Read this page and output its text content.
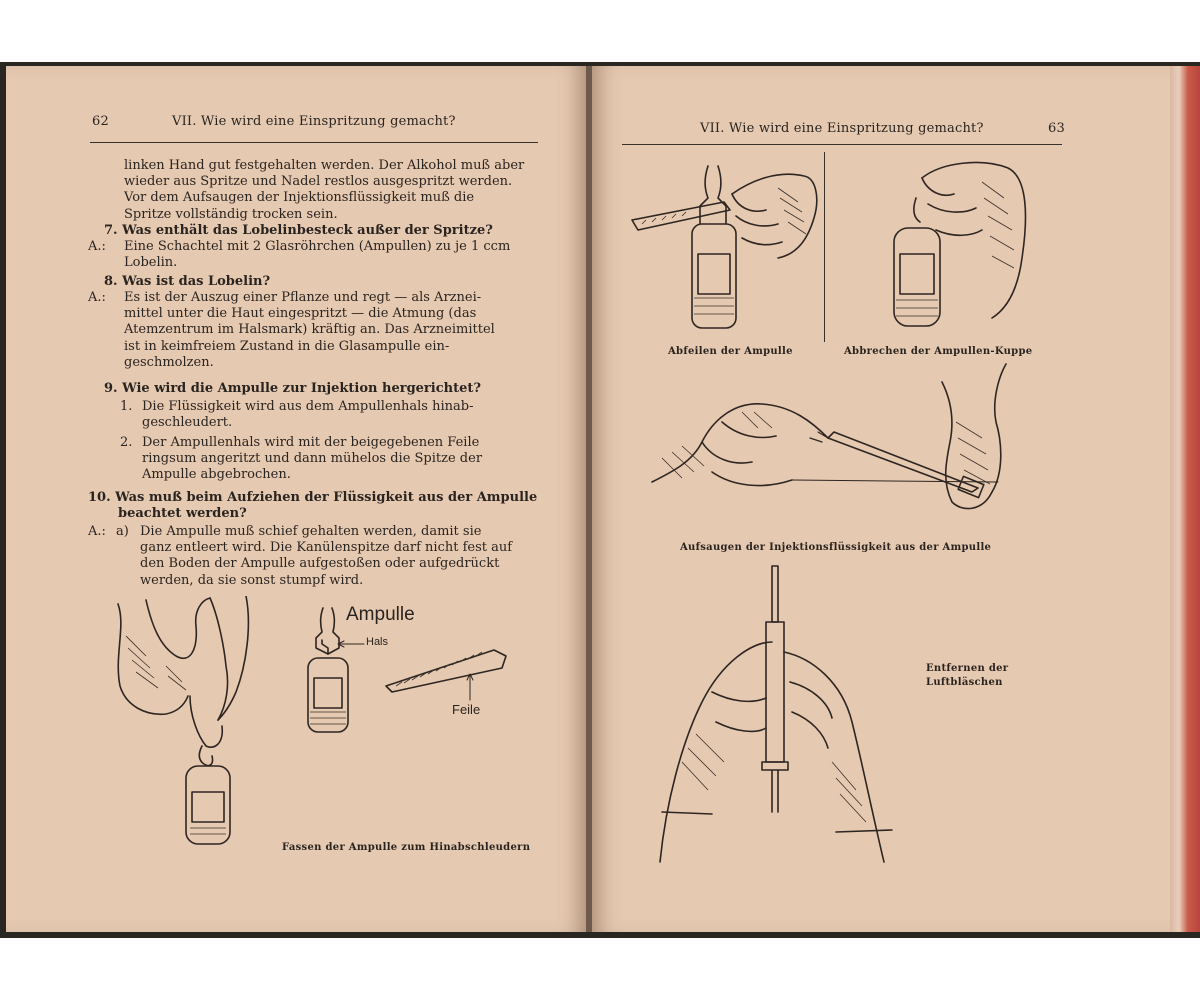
62	VII. Wie wird eine Einspritzung gemacht?

linken Hand gut festgehalten werden. Der Alkohol muß aber

wieder aus Spritze und Nadel restlos ausgespritzt werden.

Vor dem Aufsaugen der Injektionsflüssigkeit muß die

Spritze vollständig trocken sein.

7. Was enthält das Lobelinbesteck außer der Spritze?
A.: Eine Schachtel mit 2 Glasröhrchen (Ampullen) zu je 1 ccm

Lobelin.

8. Was ist das Lobelin?
A.: Es ist der Auszug einer Pflanze und regt — als Arznei-

mittel unter die Haut eingespritzt — die Atmung (das

Atemzentrum im Halsmark) kräftig an. Das Arzneimittel

ist in keimfreiem Zustand in die Glasampulle ein-

geschmolzen.

9. Wie wird die Ampulle zur Injektion hergerichtet?
1. Die Flüssigkeit wird aus dem Ampullenhals hinab-

geschleudert.

2. Der Ampullenhals wird mit der beigegebenen Feile

ringsum angeritzt und dann mühelos die Spitze der

Ampulle abgebrochen.

10. Was muß beim Aufziehen der Flüssigkeit aus der Ampulle

beachtet werden?

A.: a) Die Ampulle muß schief gehalten werden, damit sie

ganz entleert wird. Die Kanülenspitze darf nicht fest auf

den Boden der Ampulle aufgestoßen oder aufgedrückt

werden, da sie sonst stumpf wird.

Ampulle
Hals
Feile
Fassen der Ampulle zum Hinabschleudern
VII. Wie wird eine Einspritzung gemacht?	63
Abfeilen der Ampulle	Abbrechen der Ampullen-Kuppe
Aufsaugen der Injektionsflüssigkeit aus der Ampulle
Entfernen der
Luftbläschen
